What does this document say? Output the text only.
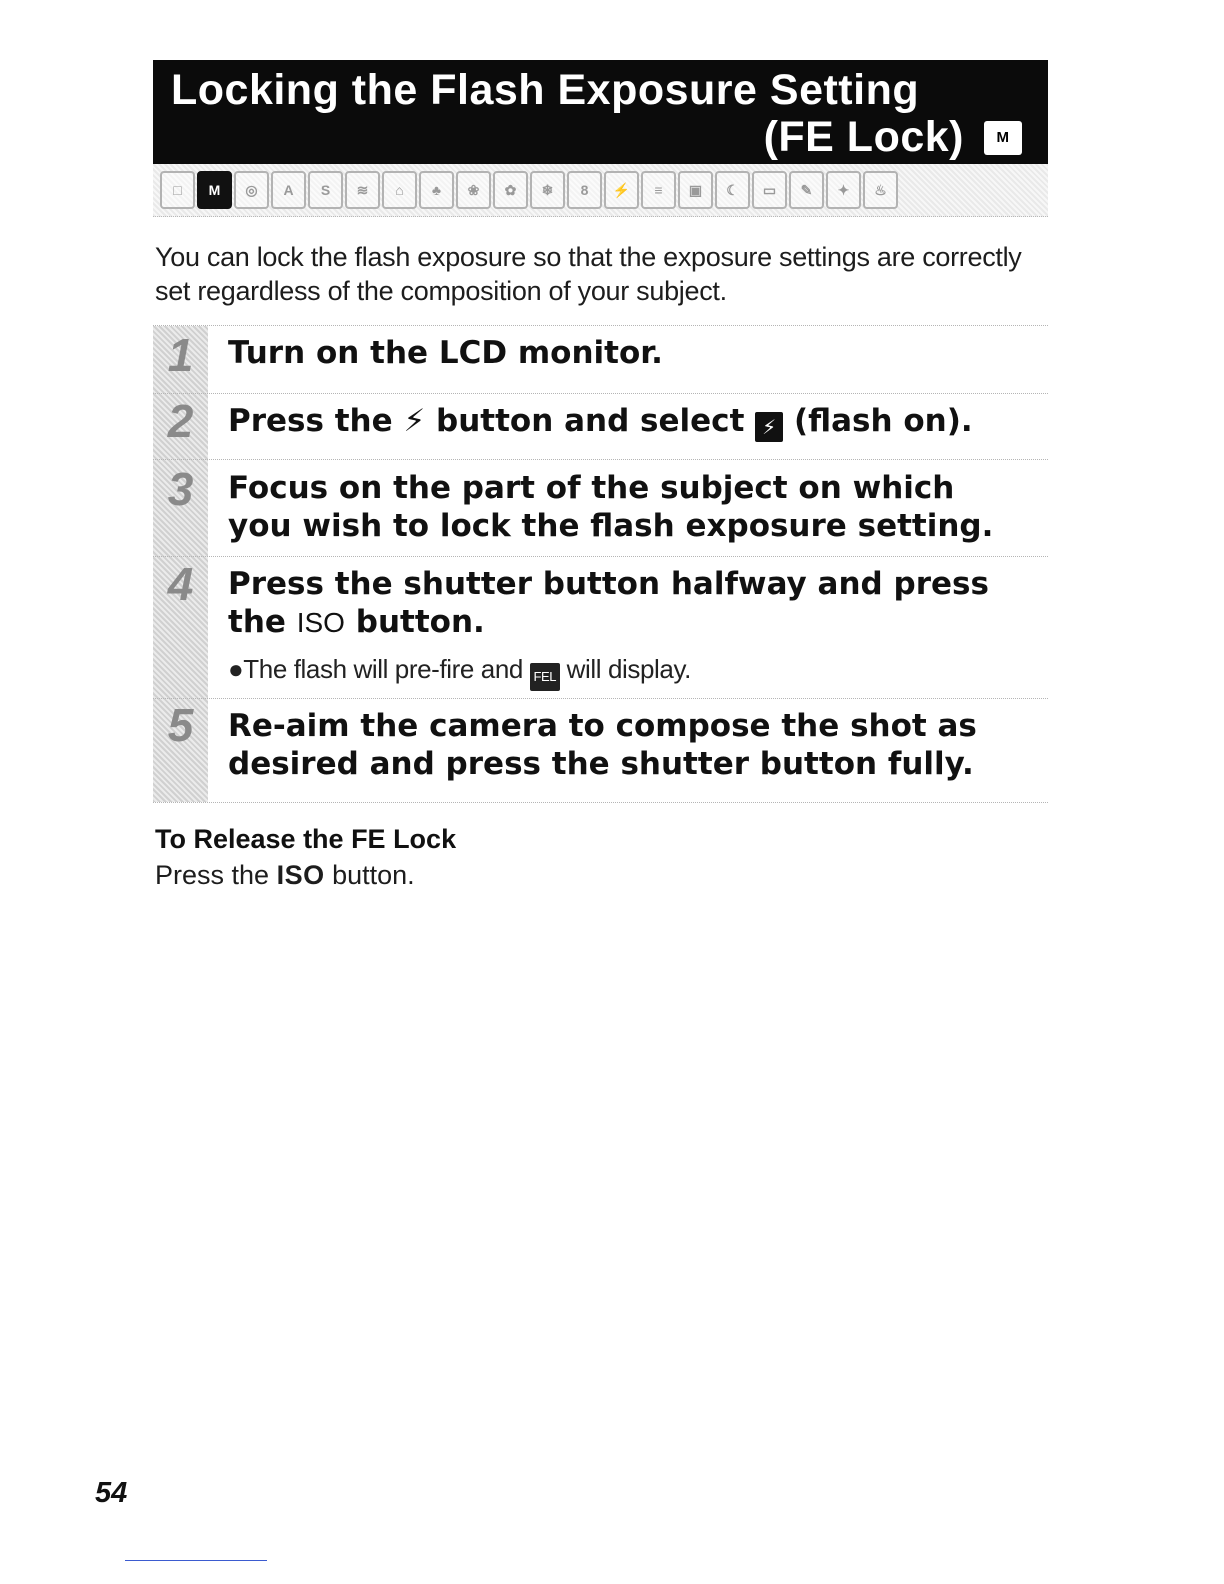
Locking the Flash Exposure Setting
(FE Lock)	M
□	M	◎	A	S	≋	⌂	♣	❀	✿	❄	8	⚡	≡	▣	☾	▭	✎	✦	♨
You can lock the flash exposure so that the exposure settings are correctly set regardless of the composition of your subject.
1	Turn on the LCD monitor.
2	Press the ⚡ button and select ⚡ (flash on).
3	Focus on the part of the subject on which
you wish to lock the flash exposure setting.
4	Press the shutter button halfway and press
the ISO button.
●The flash will pre-fire and FEL will display.
5	Re-aim the camera to compose the shot as
desired and press the shutter button fully.
To Release the FE Lock
Press the ISO button.
54
